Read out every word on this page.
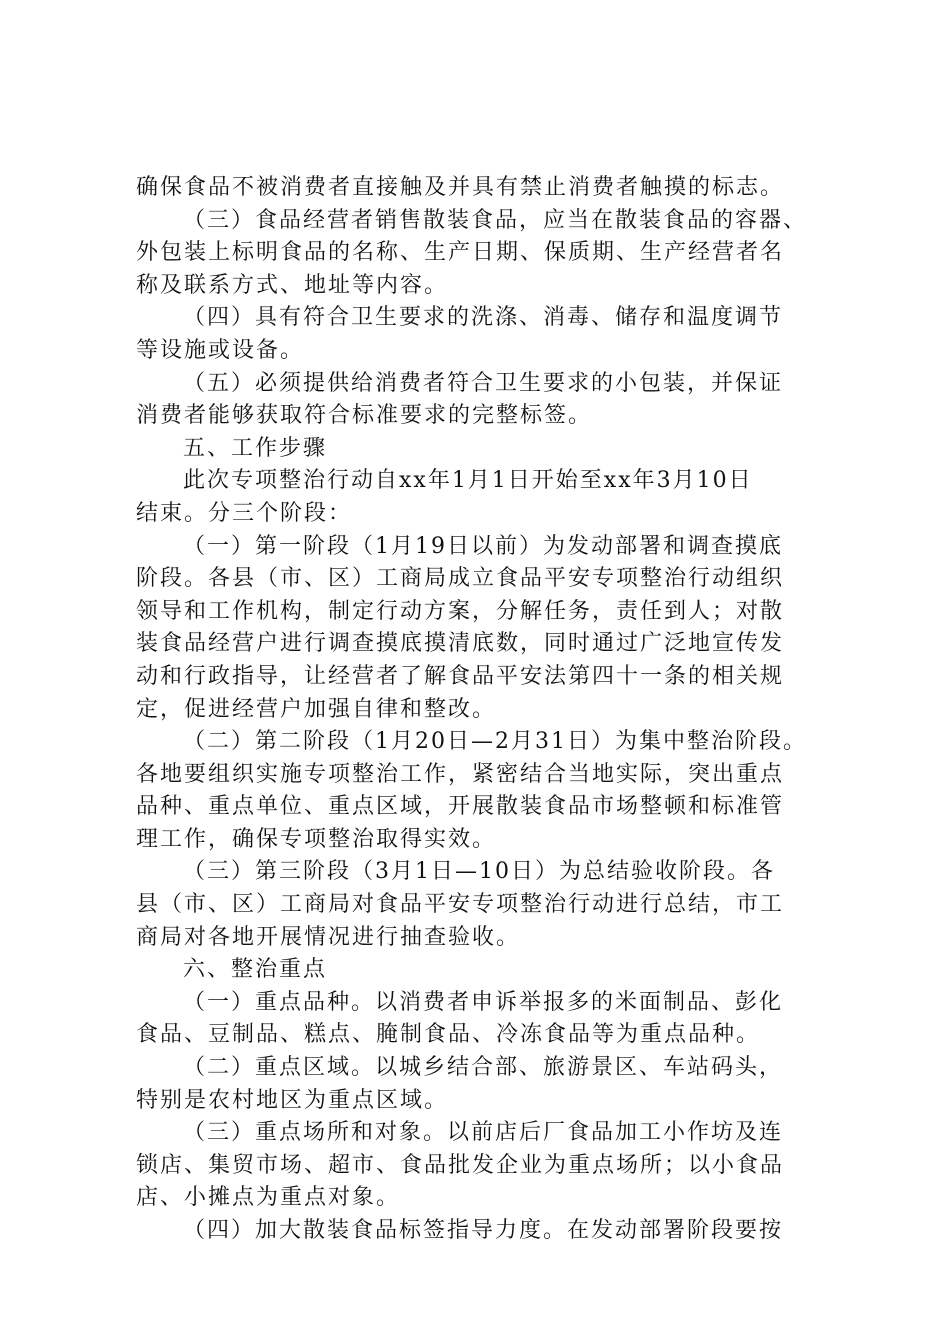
确保食品不被消费者直接触及并具有禁止消费者触摸的标志。
（三）食品经营者销售散装食品，应当在散装食品的容器、
外包装上标明食品的名称、生产日期、保质期、生产经营者名
称及联系方式、地址等内容。
（四）具有符合卫生要求的洗涤、消毒、储存和温度调节
等设施或设备。
（五）必须提供给消费者符合卫生要求的小包装，并保证
消费者能够获取符合标准要求的完整标签。
五、工作步骤
此次专项整治行动自xx年1月1日开始至xx年3月10日
结束。分三个阶段：
（一）第一阶段（1月19日以前）为发动部署和调查摸底
阶段。各县（市、区）工商局成立食品平安专项整治行动组织
领导和工作机构，制定行动方案，分解任务，责任到人；对散
装食品经营户进行调查摸底摸清底数，同时通过广泛地宣传发
动和行政指导，让经营者了解食品平安法第四十一条的相关规
定，促进经营户加强自律和整改。
（二）第二阶段（1月20日—2月31日）为集中整治阶段。
各地要组织实施专项整治工作，紧密结合当地实际，突出重点
品种、重点单位、重点区域，开展散装食品市场整顿和标准管
理工作，确保专项整治取得实效。
（三）第三阶段（3月1日—10日）为总结验收阶段。各
县（市、区）工商局对食品平安专项整治行动进行总结，市工
商局对各地开展情况进行抽查验收。
六、整治重点
（一）重点品种。以消费者申诉举报多的米面制品、彭化
食品、豆制品、糕点、腌制食品、冷冻食品等为重点品种。
（二）重点区域。以城乡结合部、旅游景区、车站码头，
特别是农村地区为重点区域。
（三）重点场所和对象。以前店后厂食品加工小作坊及连
锁店、集贸市场、超市、食品批发企业为重点场所；以小食品
店、小摊点为重点对象。
（四）加大散装食品标签指导力度。在发动部署阶段要按
